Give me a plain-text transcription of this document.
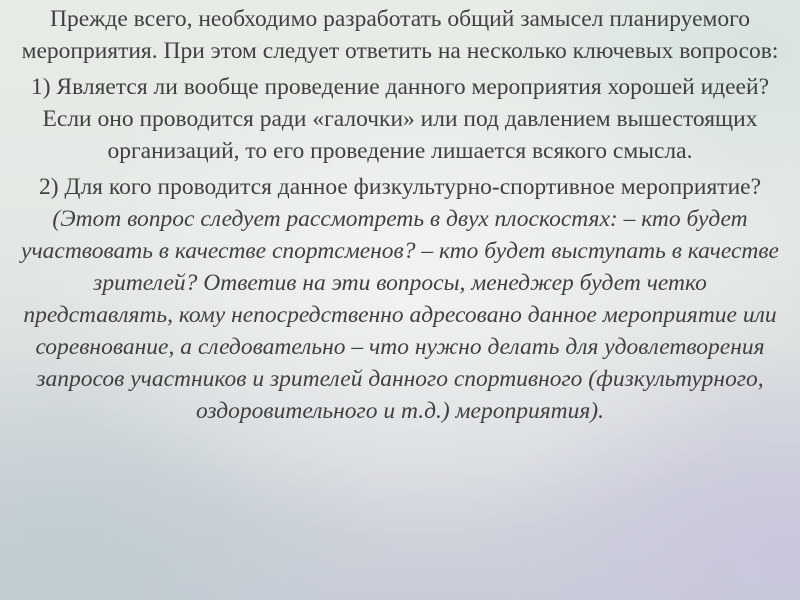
Прежде всего, необходимо разработать общий замысел планируемого мероприятия. При этом следует ответить на несколько ключевых вопросов:

1) Является ли вообще проведение данного мероприятия хорошей идеей? Если оно проводится ради «галочки» или под давлением вышестоящих организаций, то его проведение лишается всякого смысла.

2) Для кого проводится данное физкультурно-спортивное мероприятие? (Этот вопрос следует рассмотреть в двух плоскостях: – кто будет участвовать в качестве спортсменов? – кто будет выступать в качестве зрителей? Ответив на эти вопросы, менеджер будет четко представлять, кому непосредственно адресовано данное мероприятие или соревнование, а следовательно – что нужно делать для удовлетворения запросов участников и зрителей данного спортивного (физкультурного, оздоровительного и т.д.) мероприятия).
